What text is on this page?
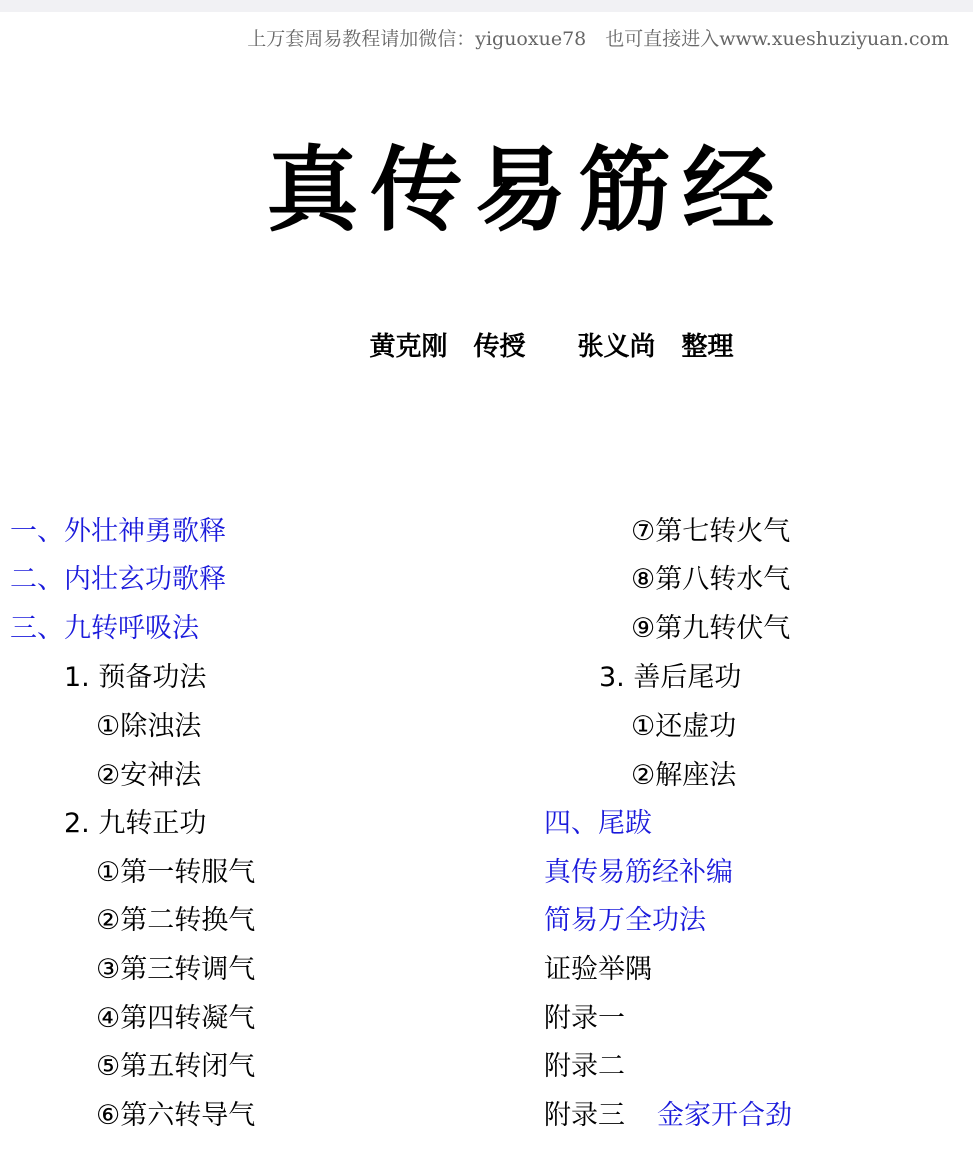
上万套周易教程请加微信：yiguoxue78　也可直接进入www.xueshuziyuan.com
真传易筋经
黄克刚　传授　　张义尚　整理
一、外壮神勇歌释
二、内壮玄功歌释
三、九转呼吸法
1. 预备功法
①除浊法
②安神法
2. 九转正功
①第一转服气
②第二转换气
③第三转调气
④第四转凝气
⑤第五转闭气
⑥第六转导气
⑦第七转火气
⑧第八转水气
⑨第九转伏气
3. 善后尾功
①还虚功
②解座法
四、尾跋
真传易筋经补编
简易万全功法
证验举隅
附录一
附录二
附录三 金家开合劲
